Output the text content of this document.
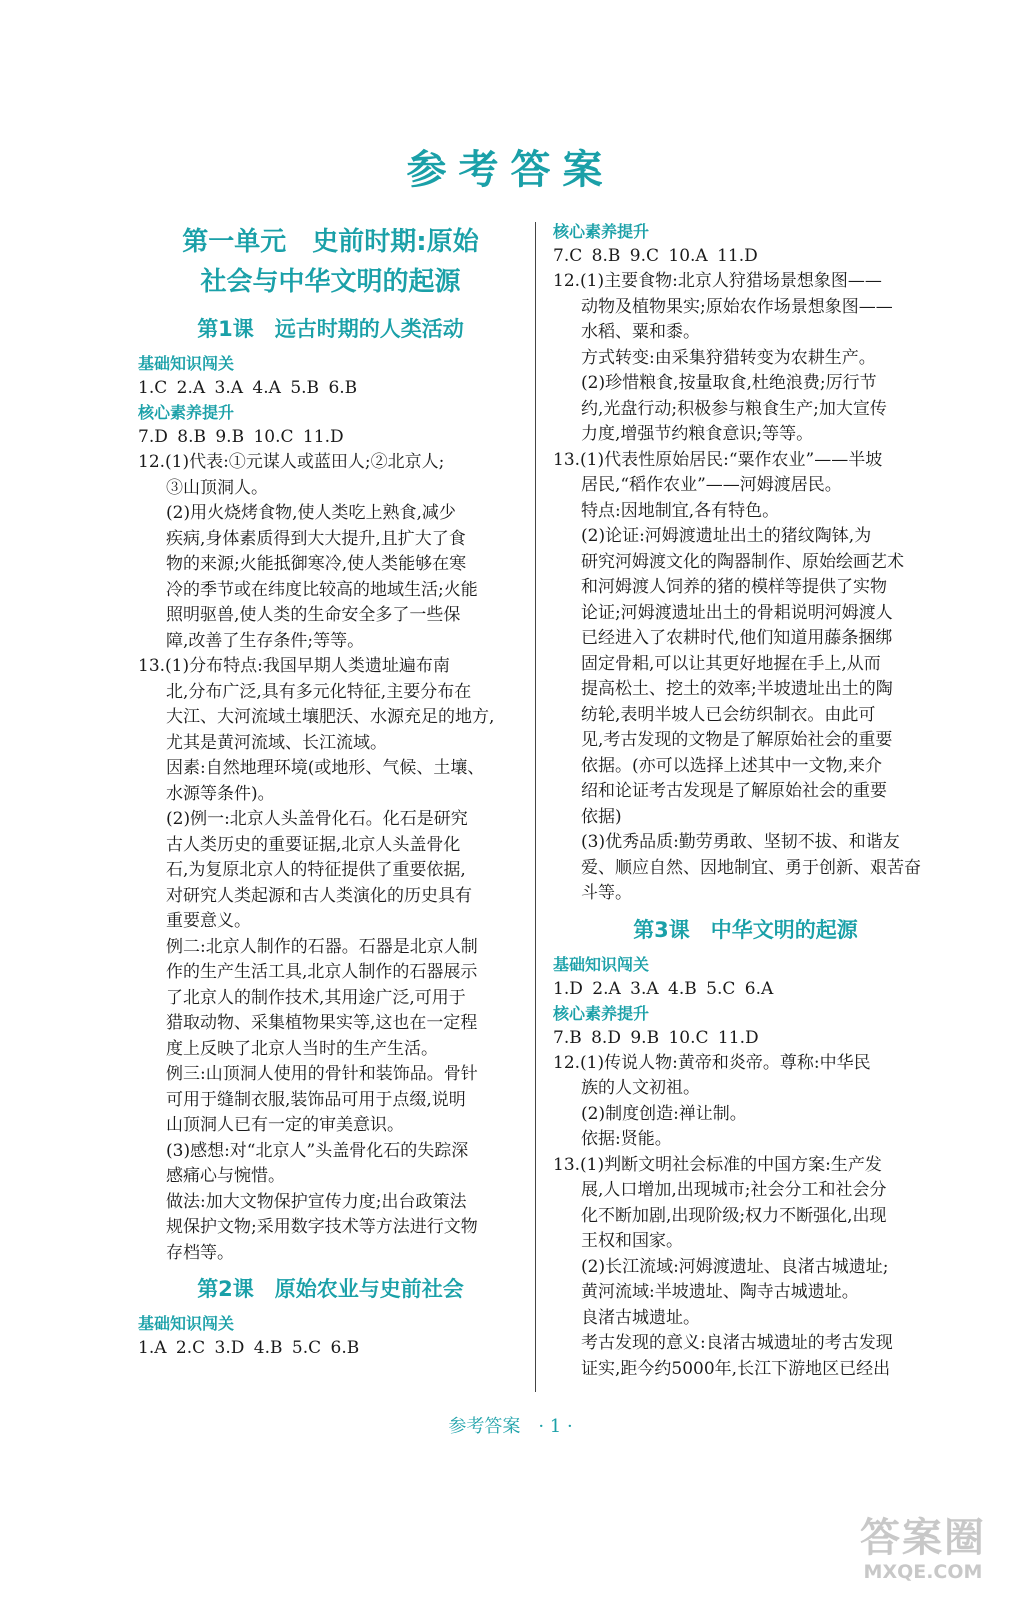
参考答案
第一单元　史前时期:原始
社会与中华文明的起源
第1课　远古时期的人类活动
基础知识闯关
1.C 2.A 3.A 4.A 5.B 6.B
核心素养提升
7.D 8.B 9.B 10.C 11.D
12.(1)代表:①元谋人或蓝田人;②北京人;
③山顶洞人。
(2)用火烧烤食物,使人类吃上熟食,减少
疾病,身体素质得到大大提升,且扩大了食
物的来源;火能抵御寒冷,使人类能够在寒
冷的季节或在纬度比较高的地域生活;火能
照明驱兽,使人类的生命安全多了一些保
障,改善了生存条件;等等。
13.(1)分布特点:我国早期人类遗址遍布南
北,分布广泛,具有多元化特征,主要分布在
大江、大河流域土壤肥沃、水源充足的地方,
尤其是黄河流域、长江流域。
因素:自然地理环境(或地形、气候、土壤、
水源等条件)。
(2)例一:北京人头盖骨化石。化石是研究
古人类历史的重要证据,北京人头盖骨化
石,为复原北京人的特征提供了重要依据,
对研究人类起源和古人类演化的历史具有
重要意义。
例二:北京人制作的石器。石器是北京人制
作的生产生活工具,北京人制作的石器展示
了北京人的制作技术,其用途广泛,可用于
猎取动物、采集植物果实等,这也在一定程
度上反映了北京人当时的生产生活。
例三:山顶洞人使用的骨针和装饰品。骨针
可用于缝制衣服,装饰品可用于点缀,说明
山顶洞人已有一定的审美意识。
(3)感想:对“北京人”头盖骨化石的失踪深
感痛心与惋惜。
做法:加大文物保护宣传力度;出台政策法
规保护文物;采用数字技术等方法进行文物
存档等。
第2课　原始农业与史前社会
基础知识闯关
1.A 2.C 3.D 4.B 5.C 6.B
核心素养提升
7.C 8.B 9.C 10.A 11.D
12.(1)主要食物:北京人狩猎场景想象图——
动物及植物果实;原始农作场景想象图——
水稻、粟和黍。
方式转变:由采集狩猎转变为农耕生产。
(2)珍惜粮食,按量取食,杜绝浪费;厉行节
约,光盘行动;积极参与粮食生产;加大宣传
力度,增强节约粮食意识;等等。
13.(1)代表性原始居民:“粟作农业”——半坡
居民,“稻作农业”——河姆渡居民。
特点:因地制宜,各有特色。
(2)论证:河姆渡遗址出土的猪纹陶钵,为
研究河姆渡文化的陶器制作、原始绘画艺术
和河姆渡人饲养的猪的模样等提供了实物
论证;河姆渡遗址出土的骨耜说明河姆渡人
已经进入了农耕时代,他们知道用藤条捆绑
固定骨耜,可以让其更好地握在手上,从而
提高松土、挖土的效率;半坡遗址出土的陶
纺轮,表明半坡人已会纺织制衣。由此可
见,考古发现的文物是了解原始社会的重要
依据。(亦可以选择上述其中一文物,来介
绍和论证考古发现是了解原始社会的重要
依据)
(3)优秀品质:勤劳勇敢、坚韧不拔、和谐友
爱、顺应自然、因地制宜、勇于创新、艰苦奋
斗等。
第3课　中华文明的起源
基础知识闯关
1.D 2.A 3.A 4.B 5.C 6.A
核心素养提升
7.B 8.D 9.B 10.C 11.D
12.(1)传说人物:黄帝和炎帝。尊称:中华民
族的人文初祖。
(2)制度创造:禅让制。
依据:贤能。
13.(1)判断文明社会标准的中国方案:生产发
展,人口增加,出现城市;社会分工和社会分
化不断加剧,出现阶级;权力不断强化,出现
王权和国家。
(2)长江流域:河姆渡遗址、良渚古城遗址;
黄河流域:半坡遗址、陶寺古城遗址。
良渚古城遗址。
考古发现的意义:良渚古城遗址的考古发现
证实,距今约5000年,长江下游地区已经出
参考答案　· 1 ·
答案圈
MXQE.COM
